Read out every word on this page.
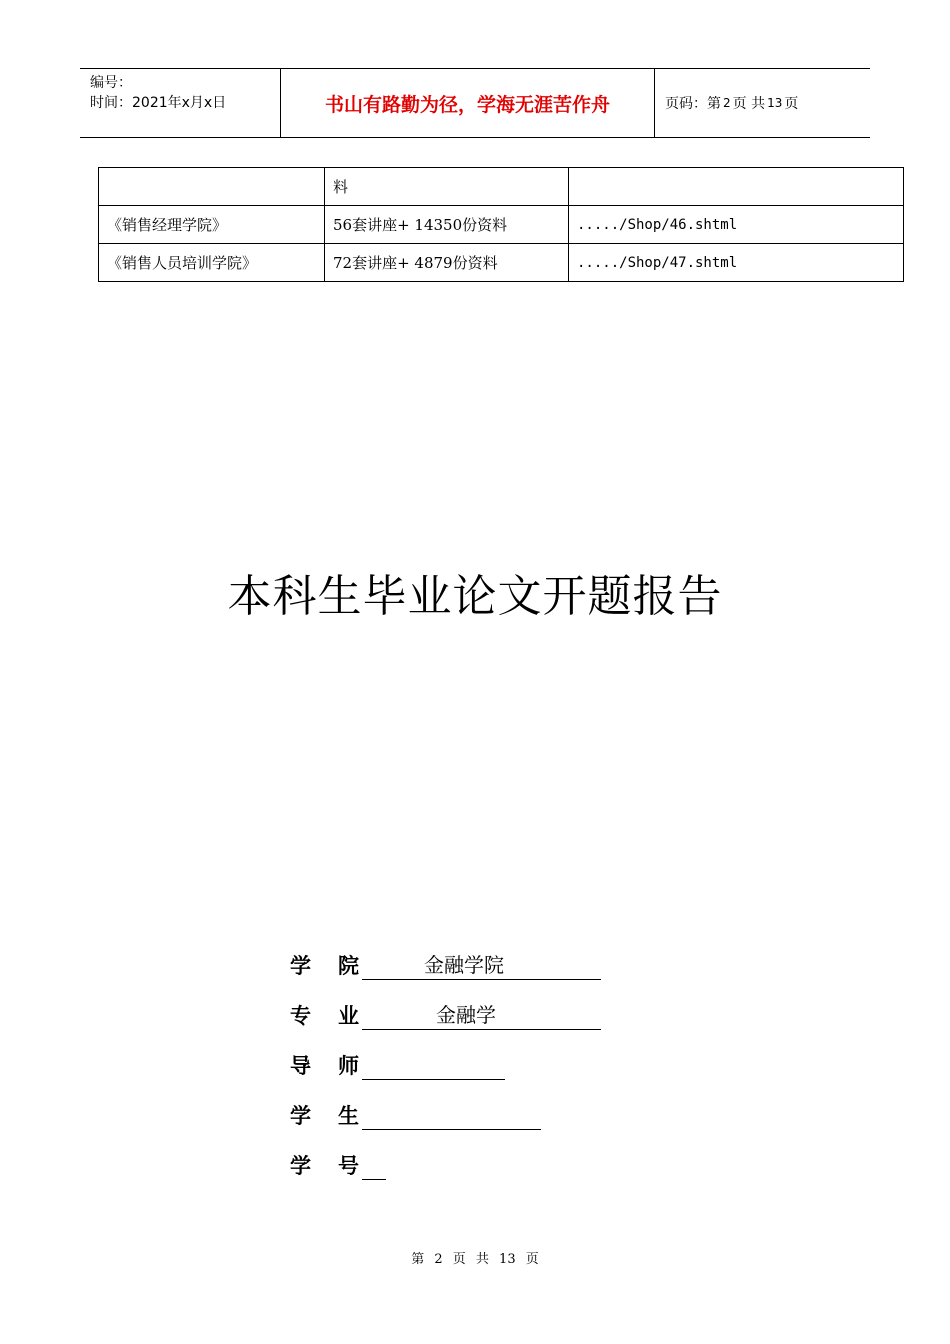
编号：
时间：2021年x月x日	书山有路勤为径，学海无涯苦作舟	页码：第 2 页 共 13 页
	料	
《销售经理学院》	56套讲座+ 14350份资料	...../Shop/46.shtml
《销售人员培训学院》	72套讲座+ 4879份资料	...../Shop/47.shtml
本科生毕业论文开题报告
学 院	金融学院
专 业	金融学
导 师
学 生
学 号
第 2 页 共 13 页
